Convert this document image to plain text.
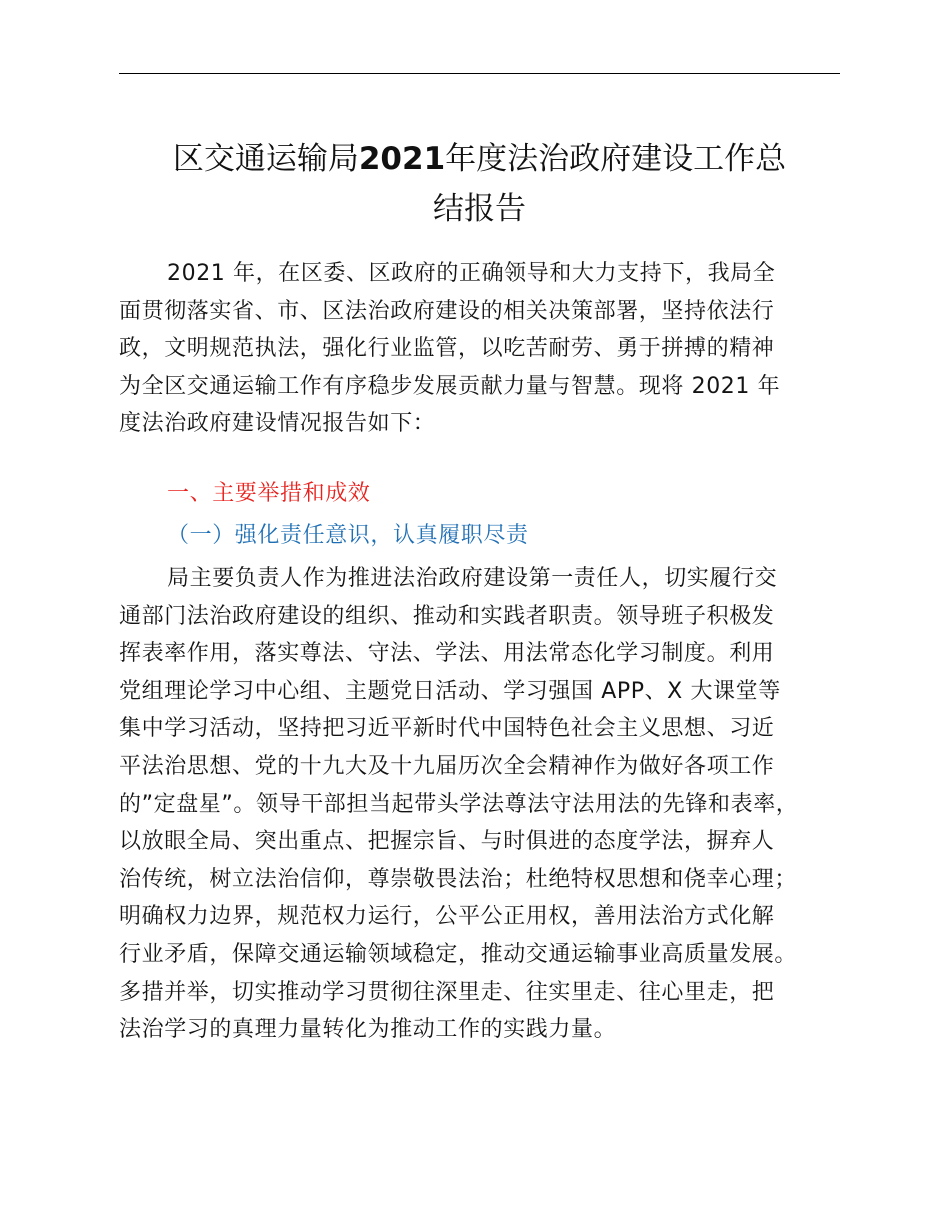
区交通运输局2021年度法治政府建设工作总
结报告
2021 年，在区委、区政府的正确领导和大力支持下，我局全
面贯彻落实省、市、区法治政府建设的相关决策部署，坚持依法行
政，文明规范执法，强化行业监管，以吃苦耐劳、勇于拼搏的精神
为全区交通运输工作有序稳步发展贡献力量与智慧。现将 2021 年
度法治政府建设情况报告如下：
一、主要举措和成效
（一）强化责任意识，认真履职尽责
局主要负责人作为推进法治政府建设第一责任人，切实履行交
通部门法治政府建设的组织、推动和实践者职责。领导班子积极发
挥表率作用，落实尊法、守法、学法、用法常态化学习制度。利用
党组理论学习中心组、主题党日活动、学习强国 APP、X 大课堂等
集中学习活动，坚持把习近平新时代中国特色社会主义思想、习近
平法治思想、党的十九大及十九届历次全会精神作为做好各项工作
的”定盘星”。领导干部担当起带头学法尊法守法用法的先锋和表率，
以放眼全局、突出重点、把握宗旨、与时俱进的态度学法，摒弃人
治传统，树立法治信仰，尊崇敬畏法治；杜绝特权思想和侥幸心理；
明确权力边界，规范权力运行，公平公正用权，善用法治方式化解
行业矛盾，保障交通运输领域稳定，推动交通运输事业高质量发展。
多措并举，切实推动学习贯彻往深里走、往实里走、往心里走，把
法治学习的真理力量转化为推动工作的实践力量。
